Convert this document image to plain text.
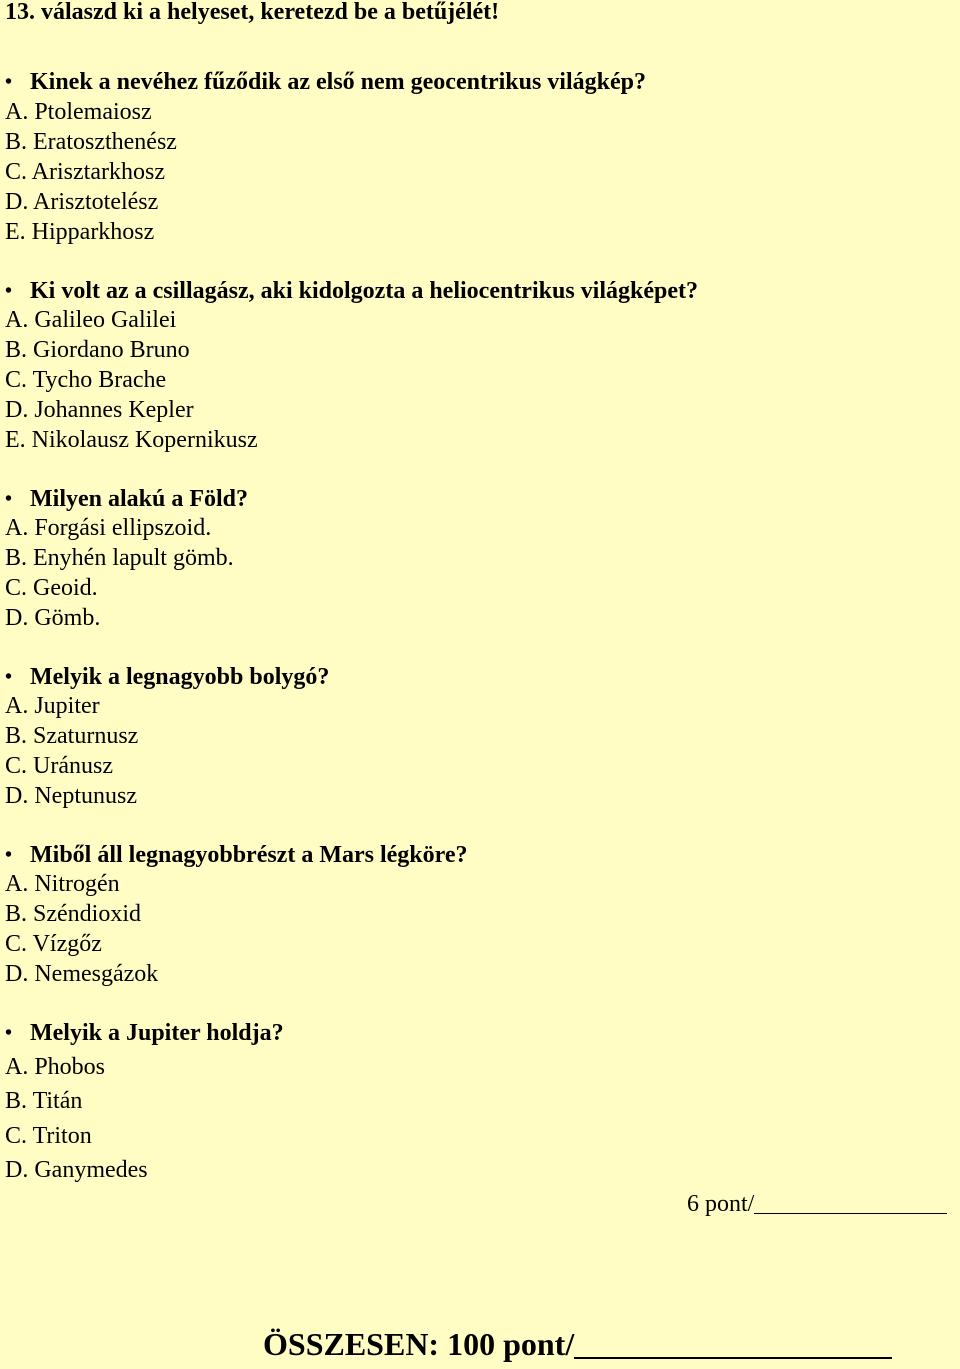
13. válaszd ki a helyeset, keretezd be a betűjélét!
• Kinek a nevéhez fűződik az első nem geocentrikus világkép?
A. Ptolemaiosz
B. Eratoszthenész
C. Arisztarkhosz
D. Arisztotelész
E. Hipparkhosz
• Ki volt az a csillagász, aki kidolgozta a heliocentrikus világképet?
A. Galileo Galilei
B. Giordano Bruno
C. Tycho Brache
D. Johannes Kepler
E. Nikolausz Kopernikusz
• Milyen alakú a Föld?
A. Forgási ellipszoid.
B. Enyhén lapult gömb.
C. Geoid.
D. Gömb.
• Melyik a legnagyobb bolygó?
A. Jupiter
B. Szaturnusz
C. Uránusz
D. Neptunusz
• Miből áll legnagyobbrészt a Mars légköre?
A. Nitrogén
B. Széndioxid
C. Vízgőz
D. Nemesgázok
• Melyik a Jupiter holdja?
A. Phobos
B. Titán
C. Triton
D. Ganymedes
6 pont/
ÖSSZESEN: 100 pont/
